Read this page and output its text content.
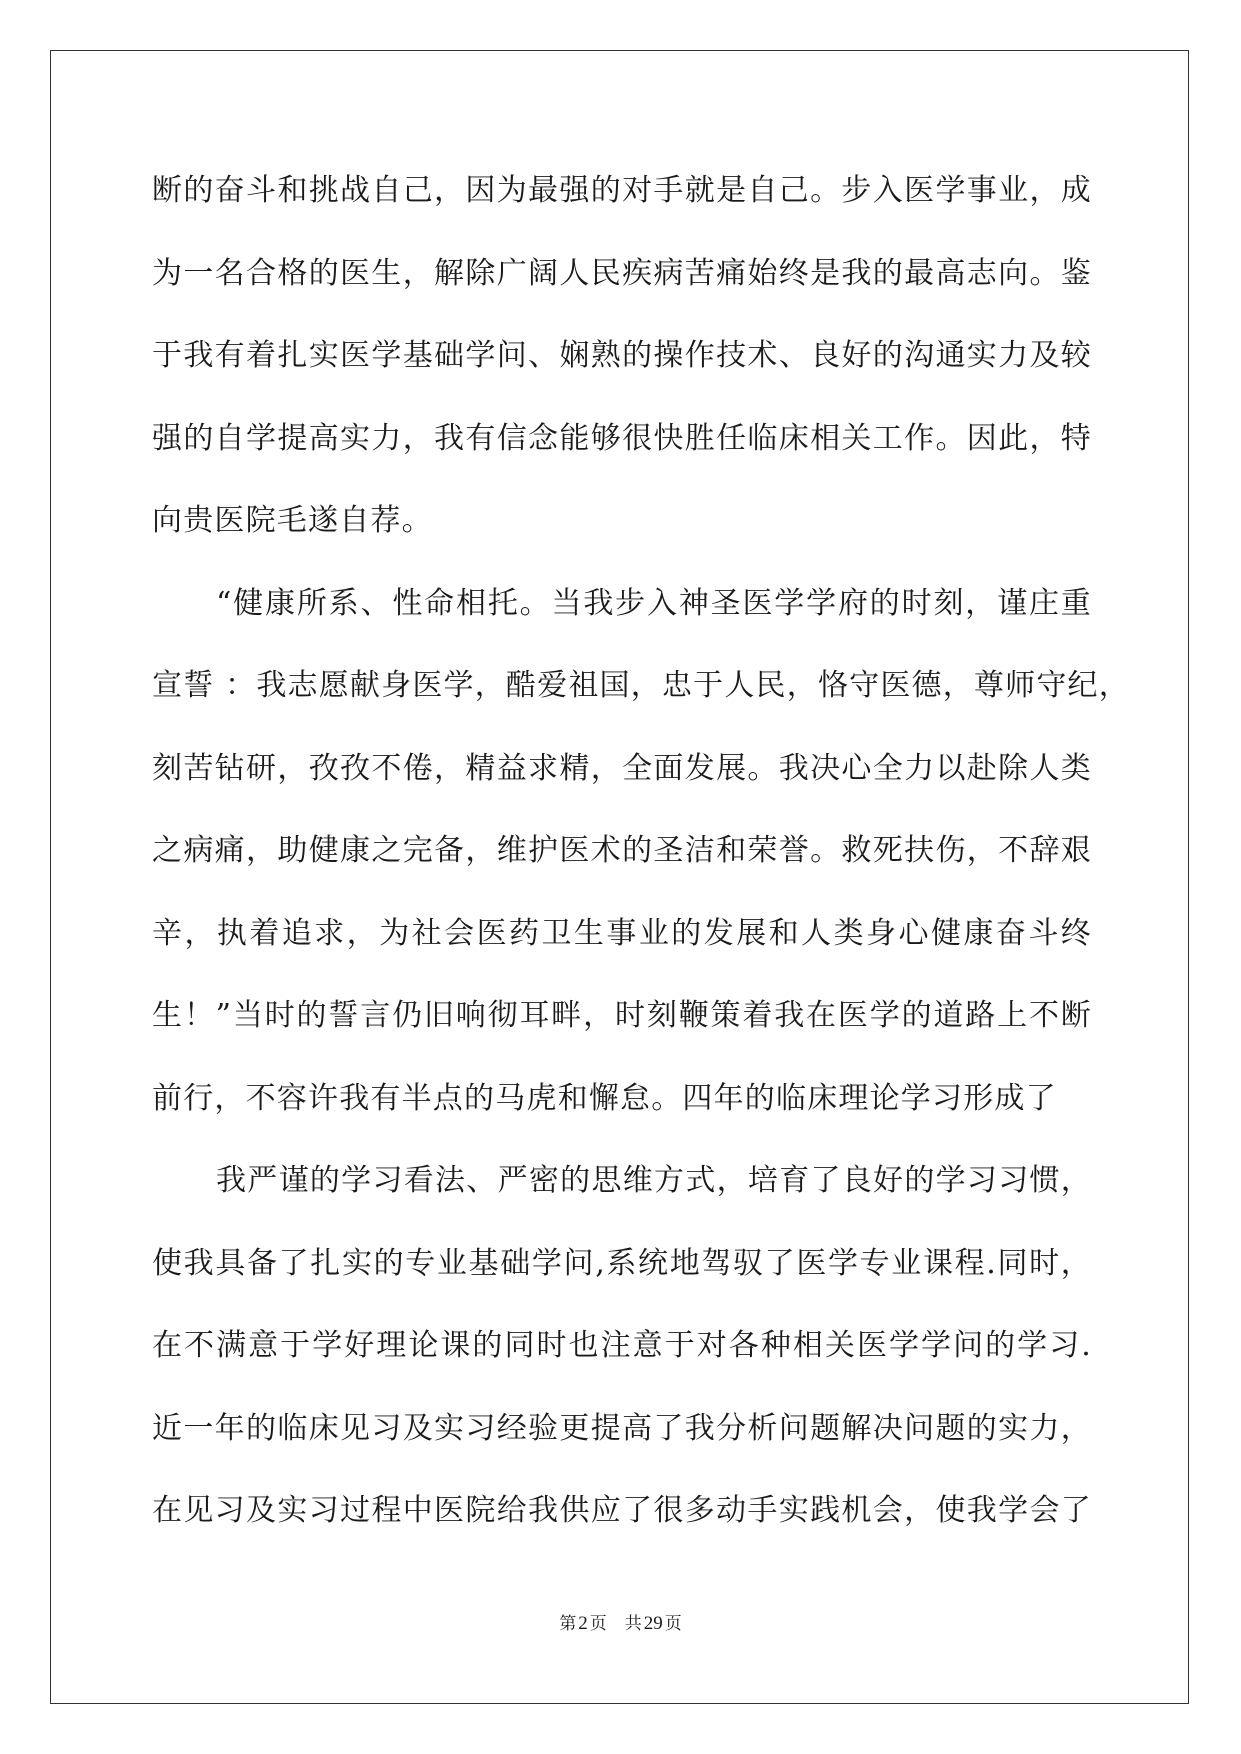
断的奋斗和挑战自己，因为最强的对手就是自己。步入医学事业，成
为一名合格的医生，解除广阔人民疾病苦痛始终是我的最高志向。鉴
于我有着扎实医学基础学问、娴熟的操作技术、良好的沟通实力及较
强的自学提高实力，我有信念能够很快胜任临床相关工作。因此，特
向贵医院毛遂自荐。
“健康所系、性命相托。当我步入神圣医学学府的时刻，谨庄重
宣誓 ：我志愿献身医学，酷爱祖国，忠于人民，恪守医德，尊师守纪，
刻苦钻研，孜孜不倦，精益求精，全面发展。我决心全力以赴除人类
之病痛，助健康之完备，维护医术的圣洁和荣誉。救死扶伤，不辞艰
辛，执着追求，为社会医药卫生事业的发展和人类身心健康奋斗终
生！”当时的誓言仍旧响彻耳畔，时刻鞭策着我在医学的道路上不断
前行，不容许我有半点的马虎和懈怠。四年的临床理论学习形成了
我严谨的学习看法、严密的思维方式，培育了良好的学习习惯，
使我具备了扎实的专业基础学问,系统地驾驭了医学专业课程.同时，
在不满意于学好理论课的同时也注意于对各种相关医学学问的学习.
近一年的临床见习及实习经验更提高了我分析问题解决问题的实力，
在见习及实习过程中医院给我供应了很多动手实践机会，使我学会了
第 2 页 共 29 页
